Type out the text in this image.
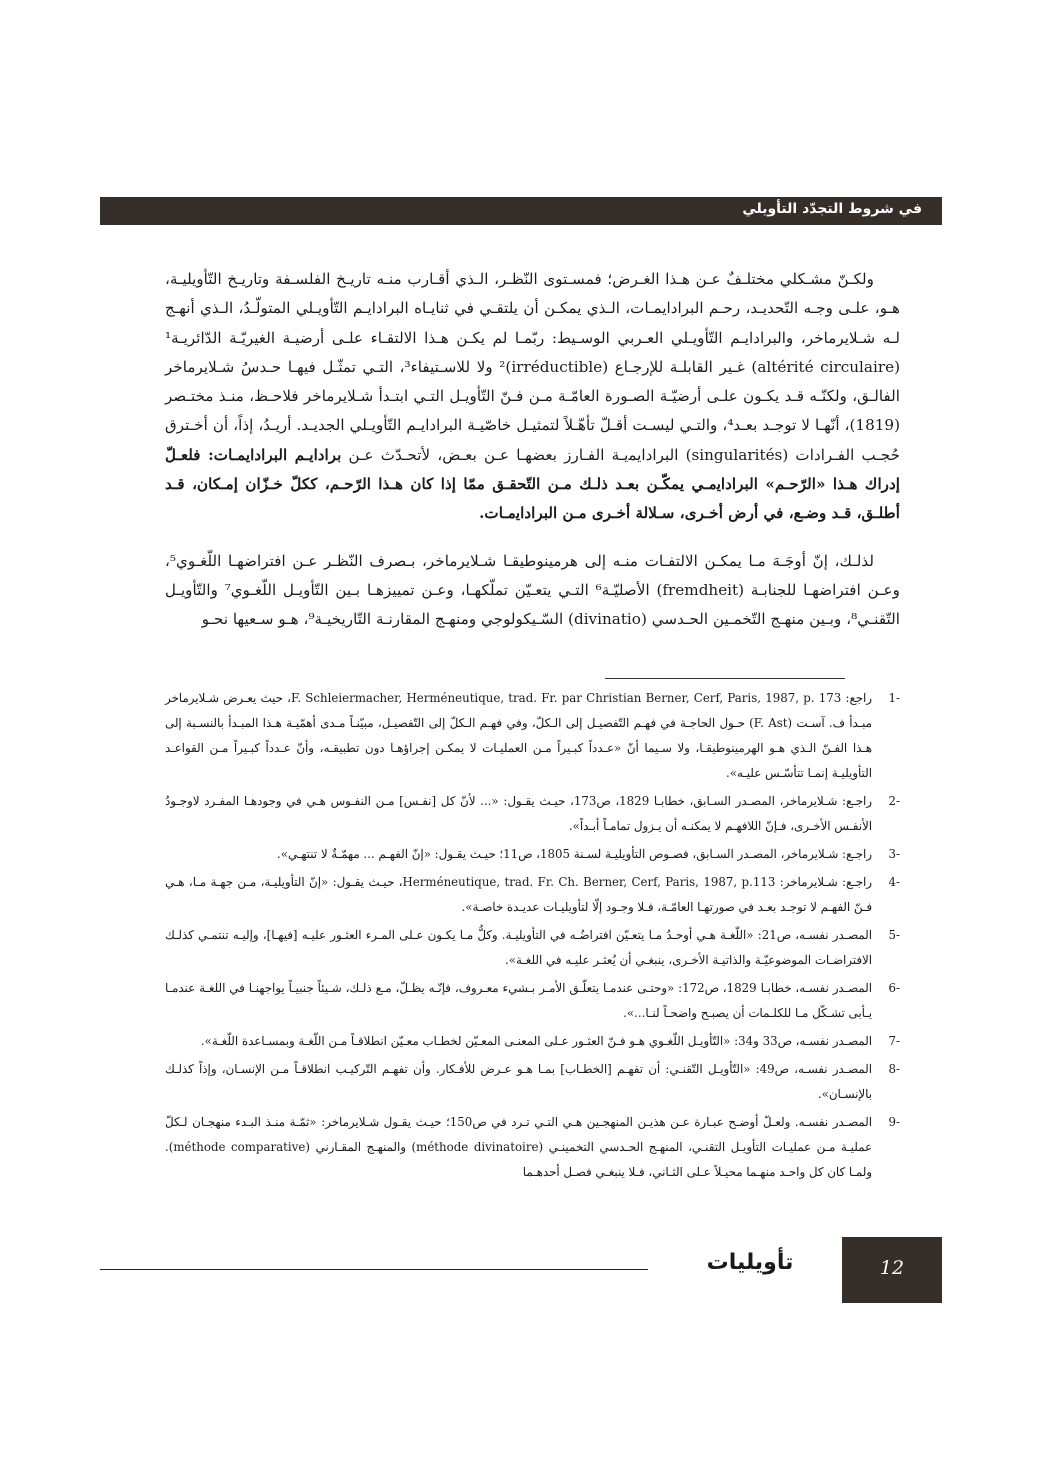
في شروط التجدّد التأويلي

ولكـنّ مشـكلي مختلـفٌ عـن هـذا الغـرض؛ فمسـتوى النّظـر، الـذي أقـارب منـه تاريـخ الفلسـفة وتاريـخ التّأويليـة، هـو، علـى وجـه التّحديـد، رحـم البراداﻳﻤـات، الـذي يمكـن أن يلتقـي في ثنايـاه البراداﻳـم التّأويـلي المتولّـدُ، الـذي أنهـج لـه شـلايرماخر، والبراداﻳـم التّأويـلي العـربي الوسـيط: ربّمـا لم يكـن هـذا الالتقـاء علـى أرضيـة الغيريّـة الدّائريـة¹ (altérité circulaire) غـير القابلـة للإرجـاع (irréductible)² ولا للاسـتيفاء³، التـي تمثّـل فيهـا حـدسُ شـلايرماخر الفالـق، ولكنّـه قـد يكـون علـى أرضيّـة الصـورة العامّـة مـن فـنّ التّأويـل التـي ابتـدأ شـلايرماخر فلاحـظ، منـذ مختـصر (1819)، أنّهـا لا توجـد بعـد⁴، والتـي ليسـت أقـلّ تأهّـلاً لتمثيـل خاصّيـة البراداﻳـم التّأويـلي الجديـد. أريـدُ، إذاً، أن أخـترق حُجـب الفـرادات (singularités) البراداﻳﻤيـة الفـارز بعضهـا عـن بعـض، لأتحـدّث عـن براداﻳـم البراداﻳﻤـات: فلعـلّ إدراك هـذا «الرّحـم» البراداﻳمـي يمكّـن بعـد ذلـك مـن التّحقـق ممّا إذا كان هـذا الرّحـم، ككلّ خـزّان إمـكان، قـد أطلـق، قـد وضـع، في أرض أخـرى، سـلالة أخـرى مـن البراداﻳمـات.

لذلـك، إنّ أوجَـهَ مـا يمكـن الالتفـات منـه إلى هرمينوطيقـا شـلايرماخر، بـصرف النّظـر عـن افتراضهـا اللّغـوي⁵، وعـن افتراضهـا للجنابـة (fremdheit) الأصليّـة⁶ التـي يتعـيّن تملّكهـا، وعـن تمييزهـا بـين التّأويـل اللّغـوي⁷ والتّأويـل التّقنـي⁸، وبـين منهـج التّخمـين الحـدسي (divinatio) السّـيكولوجي ومنهـج المقارنـة التّاريخيـة⁹، هـو سـعيها نحـو

-1
راجع: F. Schleiermacher, Herméneutique, trad. Fr. par Christian Berner, Cerf, Paris, 1987, p. 173، حيث يعـرض شـلايرماخر مبـدأ ف. آسـت (F. Ast) حـول الحاجـة في فهـم التّفصيـل إلى الـكلّ، وفي فهـم الـكلّ إلى التّفصيـل، مبيّنـاً مـدى أهمّيـة هـذا المبـدأ بالنسـبة إلى هـذا الفـنّ الـذي هـو الهرمينوطيقـا، ولا سـيما أنّ «عـدداً كبـيراً مـن العمليـات لا يمكـن إجراؤهـا دون تطبيقـه، وأنّ عـدداً كبـيراً مـن القواعـد التأويليـة إنمـا تتأسّـس عليـه».
-2
راجـع: شـلايرماخر، المصـدر السـابق، خطابـا 1829، ص173، حيـث يقـول: «... لأنّ كل [نفـس] مـن النفـوس هـي في وجودهـا المفـرد لاوجـودُ الأنفـس الأخـرى، فـإنّ اللافهـم لا يمكنـه أن يـزول تمامـاً أبـداً».
-3
راجـع: شـلايرماخر، المصـدر السـابق، فصـوص التأويليـة لسـنة 1805، ص11؛ حيـث يقـول: «إنّ الفهـم ... مهمّـةٌ لا تنتهـي».
-4
راجـع: شـلايرماخر: Herméneutique, trad. Fr. Ch. Berner, Cerf, Paris, 1987, p.113، حيـث يقـول: «إنّ التأويليـة، مـن جهـة مـا، هـي فـنّ الفهـم لا توجـد بعـد في صورتهـا العامّـة، فـلا وجـود إلّا لتأويليـات عديـدة خاصـة».
-5
المصـدر نفسـه، ص21: «اللّغـة هـي أوحـدُ مـا يتعـيّن افتراضُـه في التأويليـة. وكلُّ مـا يكـون عـلى المـرء العثـور عليـه [فيهـا]، وإليـه تنتمـي كذلـك الافتراضـات الموضوعيّـة والذاتيـة الأخـرى، ينبغـي أن يُعثـر عليـه في اللغـة».
-6
المصـدر نفسـه، خطابـا 1829، ص172: «وحتـى عندمـا يتعلّـق الأمـر بـشيء معـروف، فإنّـه يظـلّ، مـع ذلـك، شـيئاً جنبيـاً يواجهنـا في اللغـة عندمـا يـأبى تشـكّل مـا للكلـمات أن يصبـح واضحـاً لنـا...».
-7
المصـدر نفسـه، ص33 و34: «التّأويـل اللّغـوي هـو فـنّ العثـور عـلى المعنـى المعـيّن لخطـاب معـيّن انطلاقـاً مـن اللّغـة وبمسـاعدة اللّغـة».
-8
المصـدر نفسـه، ص49: «التّأويـل التّقنـي: أن تفهـم [الخطـاب] بمـا هـو عـرض للأفـكار. وأن تفهـم التّركيـب انطلاقـاً مـن الإنسـان، وإذاً كذلـك بالإنسـان».
-9
المصـدر نفسـه. ولعـلّ أوضـح عبـارة عـن هذيـن المنهجـين هـي التـي تـرد في ص150؛ حيـث يقـول شـلايرماخر: «ثمّـة منـذ البـدء منهجـان لـكلّ عمليـة مـن عمليـات التأويـل التقنـي، المنهـج الحـدسي التخمينـي (méthode divinatoire) والمنهـج المقـارني (méthode comparative). ولمـا كان كل واحـد منهـما محيـلاً عـلى الثـاني، فـلا ينبغـي فصـل أحدهـما
تأويليات	12
